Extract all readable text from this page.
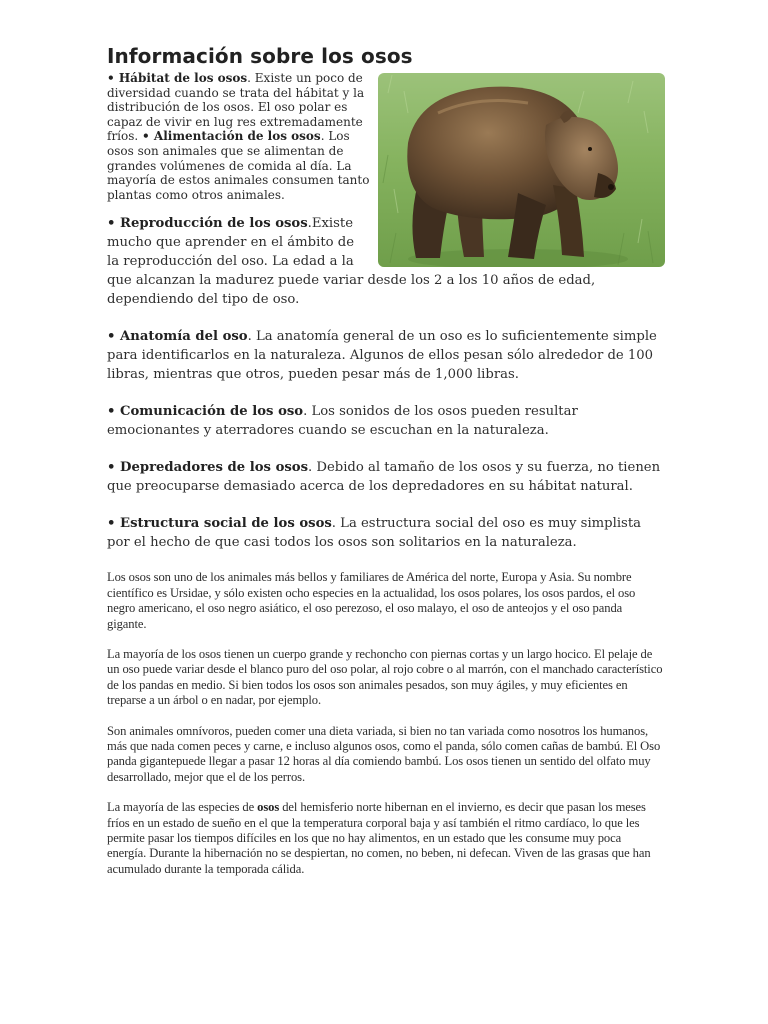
Información sobre los osos

• Hábitat de los osos. Existe un poco de diversidad cuando se trata del hábitat y la distribución de los osos. El oso polar es capaz de vivir en lug res extremadamente fríos. • Alimentación de los osos. Los osos son animales que se alimentan de grandes volúmenes de comida al día. La mayoría de estos animales consumen tanto plantas como otros animales.

• Reproducción de los osos.Existe mucho que aprender en el ámbito de la reproducción del oso. La edad a la que alcanzan la madurez puede variar desde los 2 a los 10 años de edad, dependiendo del tipo de oso.

• Anatomía del oso. La anatomía general de un oso es lo suficientemente simple para identificarlos en la naturaleza. Algunos de ellos pesan sólo alrededor de 100 libras, mientras que otros, pueden pesar más de 1,000 libras.

• Comunicación de los oso. Los sonidos de los osos pueden resultar emocionantes y aterradores cuando se escuchan en la naturaleza.

• Depredadores de los osos. Debido al tamaño de los osos y su fuerza, no tienen que preocuparse demasiado acerca de los depredadores en su hábitat natural.

• Estructura social de los osos. La estructura social del oso es muy simplista por el hecho de que casi todos los osos son solitarios en la naturaleza.

Los osos son uno de los animales más bellos y familiares de América del norte, Europa y Asia. Su nombre científico es Ursidae, y sólo existen ocho especies en la actualidad, los osos polares, los osos pardos, el oso negro americano, el oso negro asiático, el oso perezoso, el oso malayo, el oso de anteojos y el oso panda gigante.

La mayoría de los osos tienen un cuerpo grande y rechoncho con piernas cortas y un largo hocico. El pelaje de un oso puede variar desde el blanco puro del oso polar, al rojo cobre o al marrón, con el manchado característico de los pandas en medio. Si bien todos los osos son animales pesados, son muy ágiles, y muy eficientes en treparse a un árbol o en nadar, por ejemplo.

Son animales omnívoros, pueden comer una dieta variada, si bien no tan variada como nosotros los humanos, más que nada comen peces y carne, e incluso algunos osos, como el panda, sólo comen cañas de bambú. El Oso panda gigantepuede llegar a pasar 12 horas al día comiendo bambú. Los osos tienen un sentido del olfato muy desarrollado, mejor que el de los perros.

La mayoría de las especies de osos del hemisferio norte hibernan en el invierno, es decir que pasan los meses fríos en un estado de sueño en el que la temperatura corporal baja y así también el ritmo cardíaco, lo que les permite pasar los tiempos difíciles en los que no hay alimentos, en un estado que les consume muy poca energía. Durante la hibernación no se despiertan, no comen, no beben, ni defecan. Viven de las grasas que han acumulado durante la temporada cálida.
